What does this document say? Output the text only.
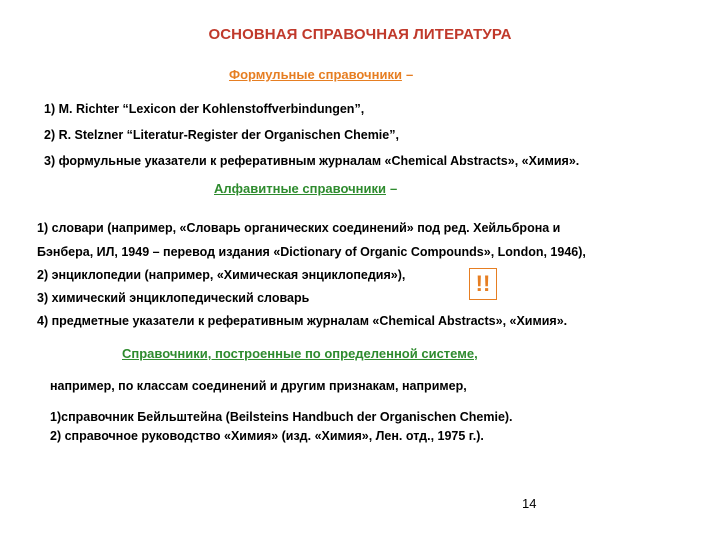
ОСНОВНАЯ СПРАВОЧНАЯ ЛИТЕРАТУРА
Формульные справочники –
1) M. Richter “Lexicon der Kohlenstoffverbindungen”,
2) R. Stelzner “Literatur-Register der Organischen Chemie”,
3) формульные указатели к реферативным журналам «Chemical Abstracts», «Химия».
Алфавитные справочники –
1) словари (например, «Словарь органических соединений» под ред. Хейльброна и
Бэнбера, ИЛ, 1949 – перевод издания «Dictionary of Organic Compounds», London, 1946),
2) энциклопедии (например, «Химическая энциклопедия»),
3) химический энциклопедический словарь
4) предметные указатели к реферативным журналам «Chemical Abstracts», «Химия».
!!
Справочники, построенные по определенной системе,
например, по классам соединений и другим признакам, например,
1)справочник Бейльштейна (Beilsteins Handbuch der Organischen Chemie).
2) справочное руководство «Химия» (изд. «Химия», Лен. отд., 1975 г.).
14
